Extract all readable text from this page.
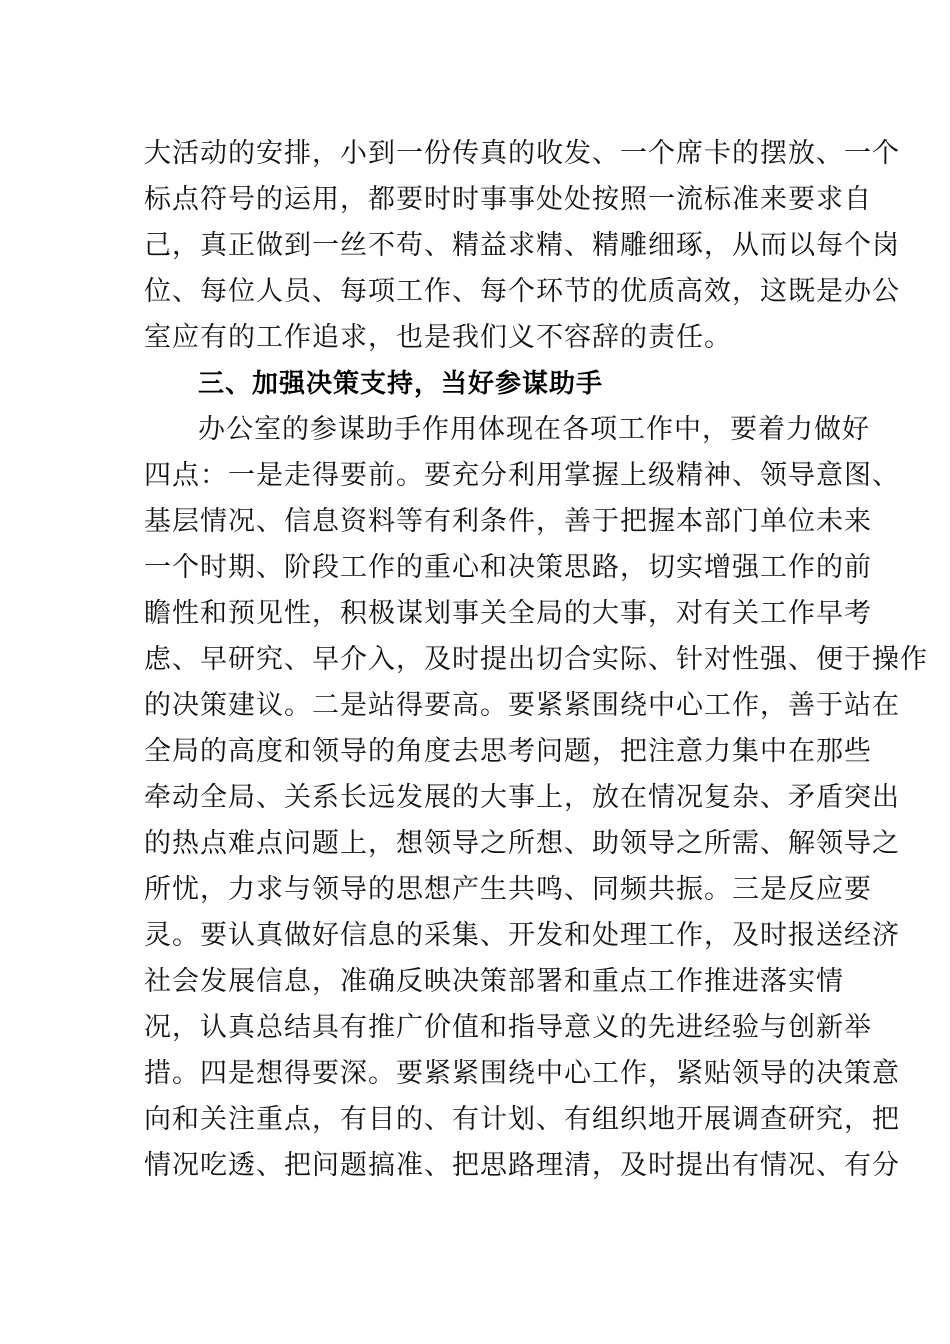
大活动的安排，小到一份传真的收发、一个席卡的摆放、一个
标点符号的运用，都要时时事事处处按照一流标准来要求自
己，真正做到一丝不苟、精益求精、精雕细琢，从而以每个岗
位、每位人员、每项工作、每个环节的优质高效，这既是办公
室应有的工作追求，也是我们义不容辞的责任。
三、加强决策支持，当好参谋助手
办公室的参谋助手作用体现在各项工作中，要着力做好
四点：一是走得要前。要充分利用掌握上级精神、领导意图、
基层情况、信息资料等有利条件，善于把握本部门单位未来
一个时期、阶段工作的重心和决策思路，切实增强工作的前
瞻性和预见性，积极谋划事关全局的大事，对有关工作早考
虑、早研究、早介入，及时提出切合实际、针对性强、便于操作
的决策建议。二是站得要高。要紧紧围绕中心工作，善于站在
全局的高度和领导的角度去思考问题，把注意力集中在那些
牵动全局、关系长远发展的大事上，放在情况复杂、矛盾突出
的热点难点问题上，想领导之所想、助领导之所需、解领导之
所忧，力求与领导的思想产生共鸣、同频共振。三是反应要
灵。要认真做好信息的采集、开发和处理工作，及时报送经济
社会发展信息，准确反映决策部署和重点工作推进落实情
况，认真总结具有推广价值和指导意义的先进经验与创新举
措。四是想得要深。要紧紧围绕中心工作，紧贴领导的决策意
向和关注重点，有目的、有计划、有组织地开展调查研究，把
情况吃透、把问题搞准、把思路理清，及时提出有情况、有分
